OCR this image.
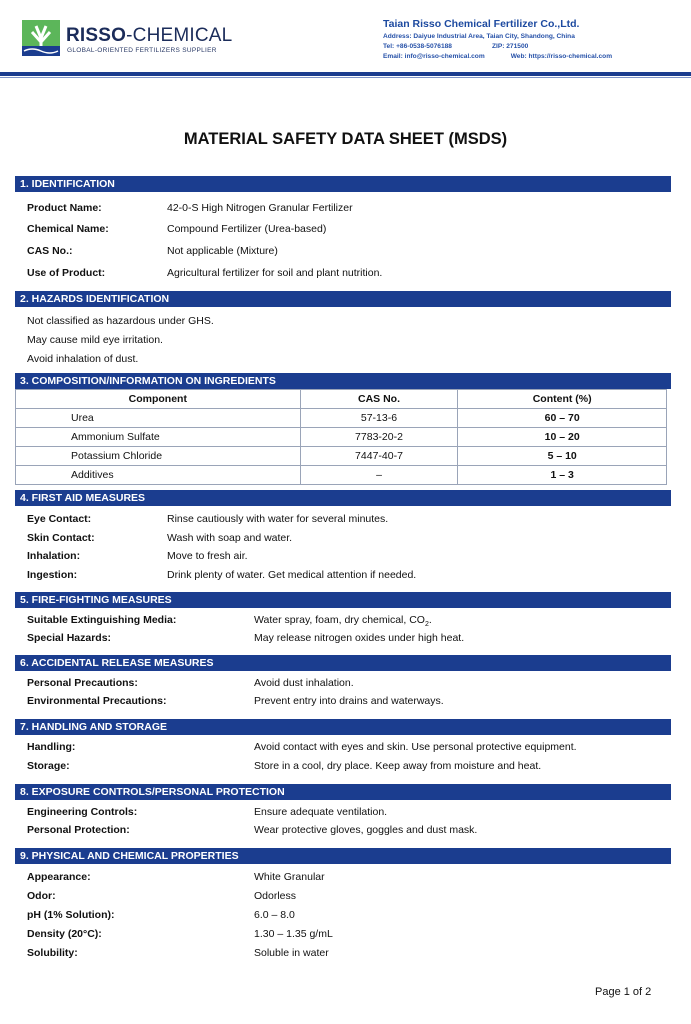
RISSO-CHEMICAL
GLOBAL-ORIENTED FERTILIZERS SUPPLIER
Taian Risso Chemical Fertilizer Co.,Ltd.
Address: Daiyue Industrial Area, Taian City, Shandong, China
Tel: +86-0538-5076188	ZIP: 271500
Email: info@risso-chemical.com	Web: https://risso-chemical.com
MATERIAL SAFETY DATA SHEET (MSDS)
1. IDENTIFICATION
Product Name:	42-0-S High Nitrogen Granular Fertilizer
Chemical Name:	Compound Fertilizer (Urea-based)
CAS No.:	Not applicable (Mixture)
Use of Product:	Agricultural fertilizer for soil and plant nutrition.
2. HAZARDS IDENTIFICATION
Not classified as hazardous under GHS.
May cause mild eye irritation.
Avoid inhalation of dust.
3. COMPOSITION/INFORMATION ON INGREDIENTS
Component	CAS No.	Content (%)
Urea	57-13-6	60 – 70
Ammonium Sulfate	7783-20-2	10 – 20
Potassium Chloride	7447-40-7	5 – 10
Additives	–	1 – 3
4. FIRST AID MEASURES
Eye Contact:	Rinse cautiously with water for several minutes.
Skin Contact:	Wash with soap and water.
Inhalation:	Move to fresh air.
Ingestion:	Drink plenty of water. Get medical attention if needed.
5. FIRE-FIGHTING MEASURES
Suitable Extinguishing Media:	Water spray, foam, dry chemical, $CO_2$.
Special Hazards:	May release nitrogen oxides under high heat.
6. ACCIDENTAL RELEASE MEASURES
Personal Precautions:	Avoid dust inhalation.
Environmental Precautions:	Prevent entry into drains and waterways.
7. HANDLING AND STORAGE
Handling:	Avoid contact with eyes and skin. Use personal protective equipment.
Storage:	Store in a cool, dry place. Keep away from moisture and heat.
8. EXPOSURE CONTROLS/PERSONAL PROTECTION
Engineering Controls:	Ensure adequate ventilation.
Personal Protection:	Wear protective gloves, goggles and dust mask.
9. PHYSICAL AND CHEMICAL PROPERTIES
Appearance:	White Granular
Odor:	Odorless
pH (1% Solution):	6.0 – 8.0
Density (20°C):	1.30 – 1.35 g/mL
Solubility:	Soluble in water
Page 1 of 2
